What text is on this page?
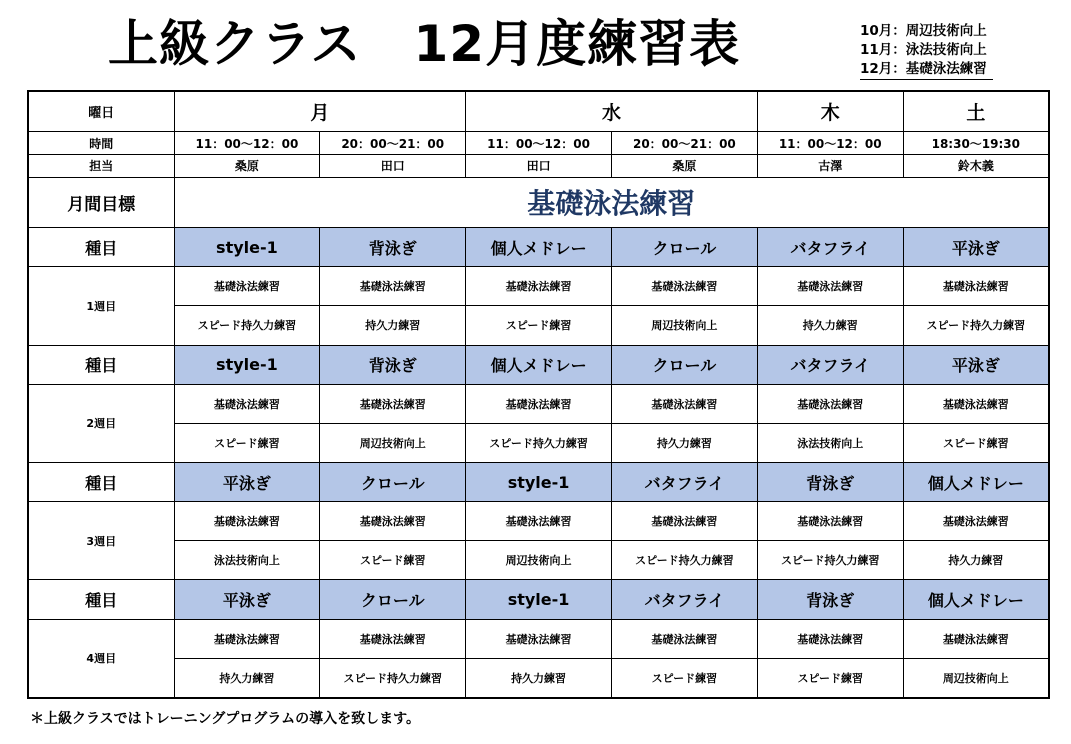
上級クラス 12月度練習表	10月：周辺技術向上
11月：泳法技術向上
12月：基礎泳法練習
曜日	月		水		木	土
時間	11：00～12：00	20：00～21：00	11：00～12：00	20：00～21：00	11：00～12：00	18:30～19:30
担当	桑原	田口	田口	桑原	古澤	鈴木義
月間目標	基礎泳法練習					
種目	style-1	背泳ぎ	個人メドレー	クロール	バタフライ	平泳ぎ
1週目	基礎泳法練習	基礎泳法練習	基礎泳法練習	基礎泳法練習	基礎泳法練習	基礎泳法練習
	スピード持久力練習	持久力練習	スピード練習	周辺技術向上	持久力練習	スピード持久力練習
種目	style-1	背泳ぎ	個人メドレー	クロール	バタフライ	平泳ぎ
2週目	基礎泳法練習	基礎泳法練習	基礎泳法練習	基礎泳法練習	基礎泳法練習	基礎泳法練習
	スピード練習	周辺技術向上	スピード持久力練習	持久力練習	泳法技術向上	スピード練習
種目	平泳ぎ	クロール	style-1	バタフライ	背泳ぎ	個人メドレー
3週目	基礎泳法練習	基礎泳法練習	基礎泳法練習	基礎泳法練習	基礎泳法練習	基礎泳法練習
	泳法技術向上	スピード練習	周辺技術向上	スピード持久力練習	スピード持久力練習	持久力練習
種目	平泳ぎ	クロール	style-1	バタフライ	背泳ぎ	個人メドレー
4週目	基礎泳法練習	基礎泳法練習	基礎泳法練習	基礎泳法練習	基礎泳法練習	基礎泳法練習
	持久力練習	スピード持久力練習	持久力練習	スピード練習	スピード練習	周辺技術向上
＊上級クラスではトレーニングプログラムの導入を致します。
